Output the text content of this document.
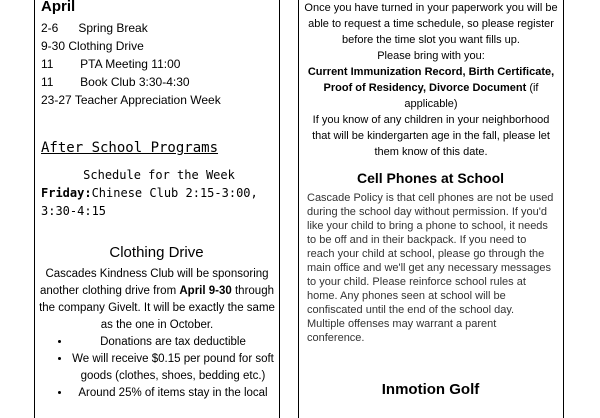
April
2-6 Spring Break
9-30 Clothing Drive
11 PTA Meeting 11:00
11 Book Club 3:30-4:30
23-27 Teacher Appreciation Week
After School Programs
Schedule for the Week
Friday:Chinese Club 2:15-3:00,
3:30-4:15
Clothing Drive
Cascades Kindness Club will be sponsoring another clothing drive from April 9-30 through the company Givelt. It will be exactly the same as the one in October.
• Donations are tax deductible
• We will receive $0.15 per pound for soft goods (clothes, shoes, bedding etc.)
• Around 25% of items stay in the local
Once you have turned in your paperwork you will be able to request a time schedule, so please register before the time slot you want fills up.
Please bring with you:
Current Immunization Record, Birth Certificate, Proof of Residency, Divorce Document (if applicable)
If you know of any children in your neighborhood that will be kindergarten age in the fall, please let them know of this date.
Cell Phones at School
Cascade Policy is that cell phones are not be used during the school day without permission. If you'd like your child to bring a phone to school, it needs to be off and in their backpack. If you need to reach your child at school, please go through the main office and we'll get any necessary messages to your child. Please reinforce school rules at home. Any phones seen at school will be confiscated until the end of the school day. Multiple offenses may warrant a parent conference.
Inmotion Golf
